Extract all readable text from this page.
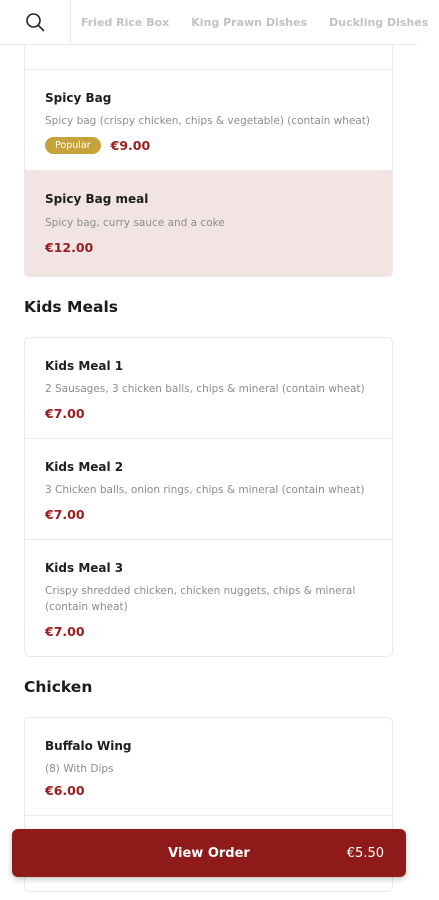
Fried Rice Box	King Prawn Dishes	Duckling Dishes
Spicy Bag
Spicy bag (crispy chicken, chips & vegetable) (contain wheat)
Popular	€9.00
Spicy Bag meal
Spicy bag, curry sauce and a coke
€12.00
Kids Meals
Kids Meal 1
2 Sausages, 3 chicken balls, chips & mineral (contain wheat)
€7.00
Kids Meal 2
3 Chicken balls, onion rings, chips & mineral (contain wheat)
€7.00
Kids Meal 3
Crispy shredded chicken, chicken nuggets, chips & mineral (contain wheat)
€7.00
Chicken
Buffalo Wing
(8) With Dips
€6.00
View Order	€5.50
